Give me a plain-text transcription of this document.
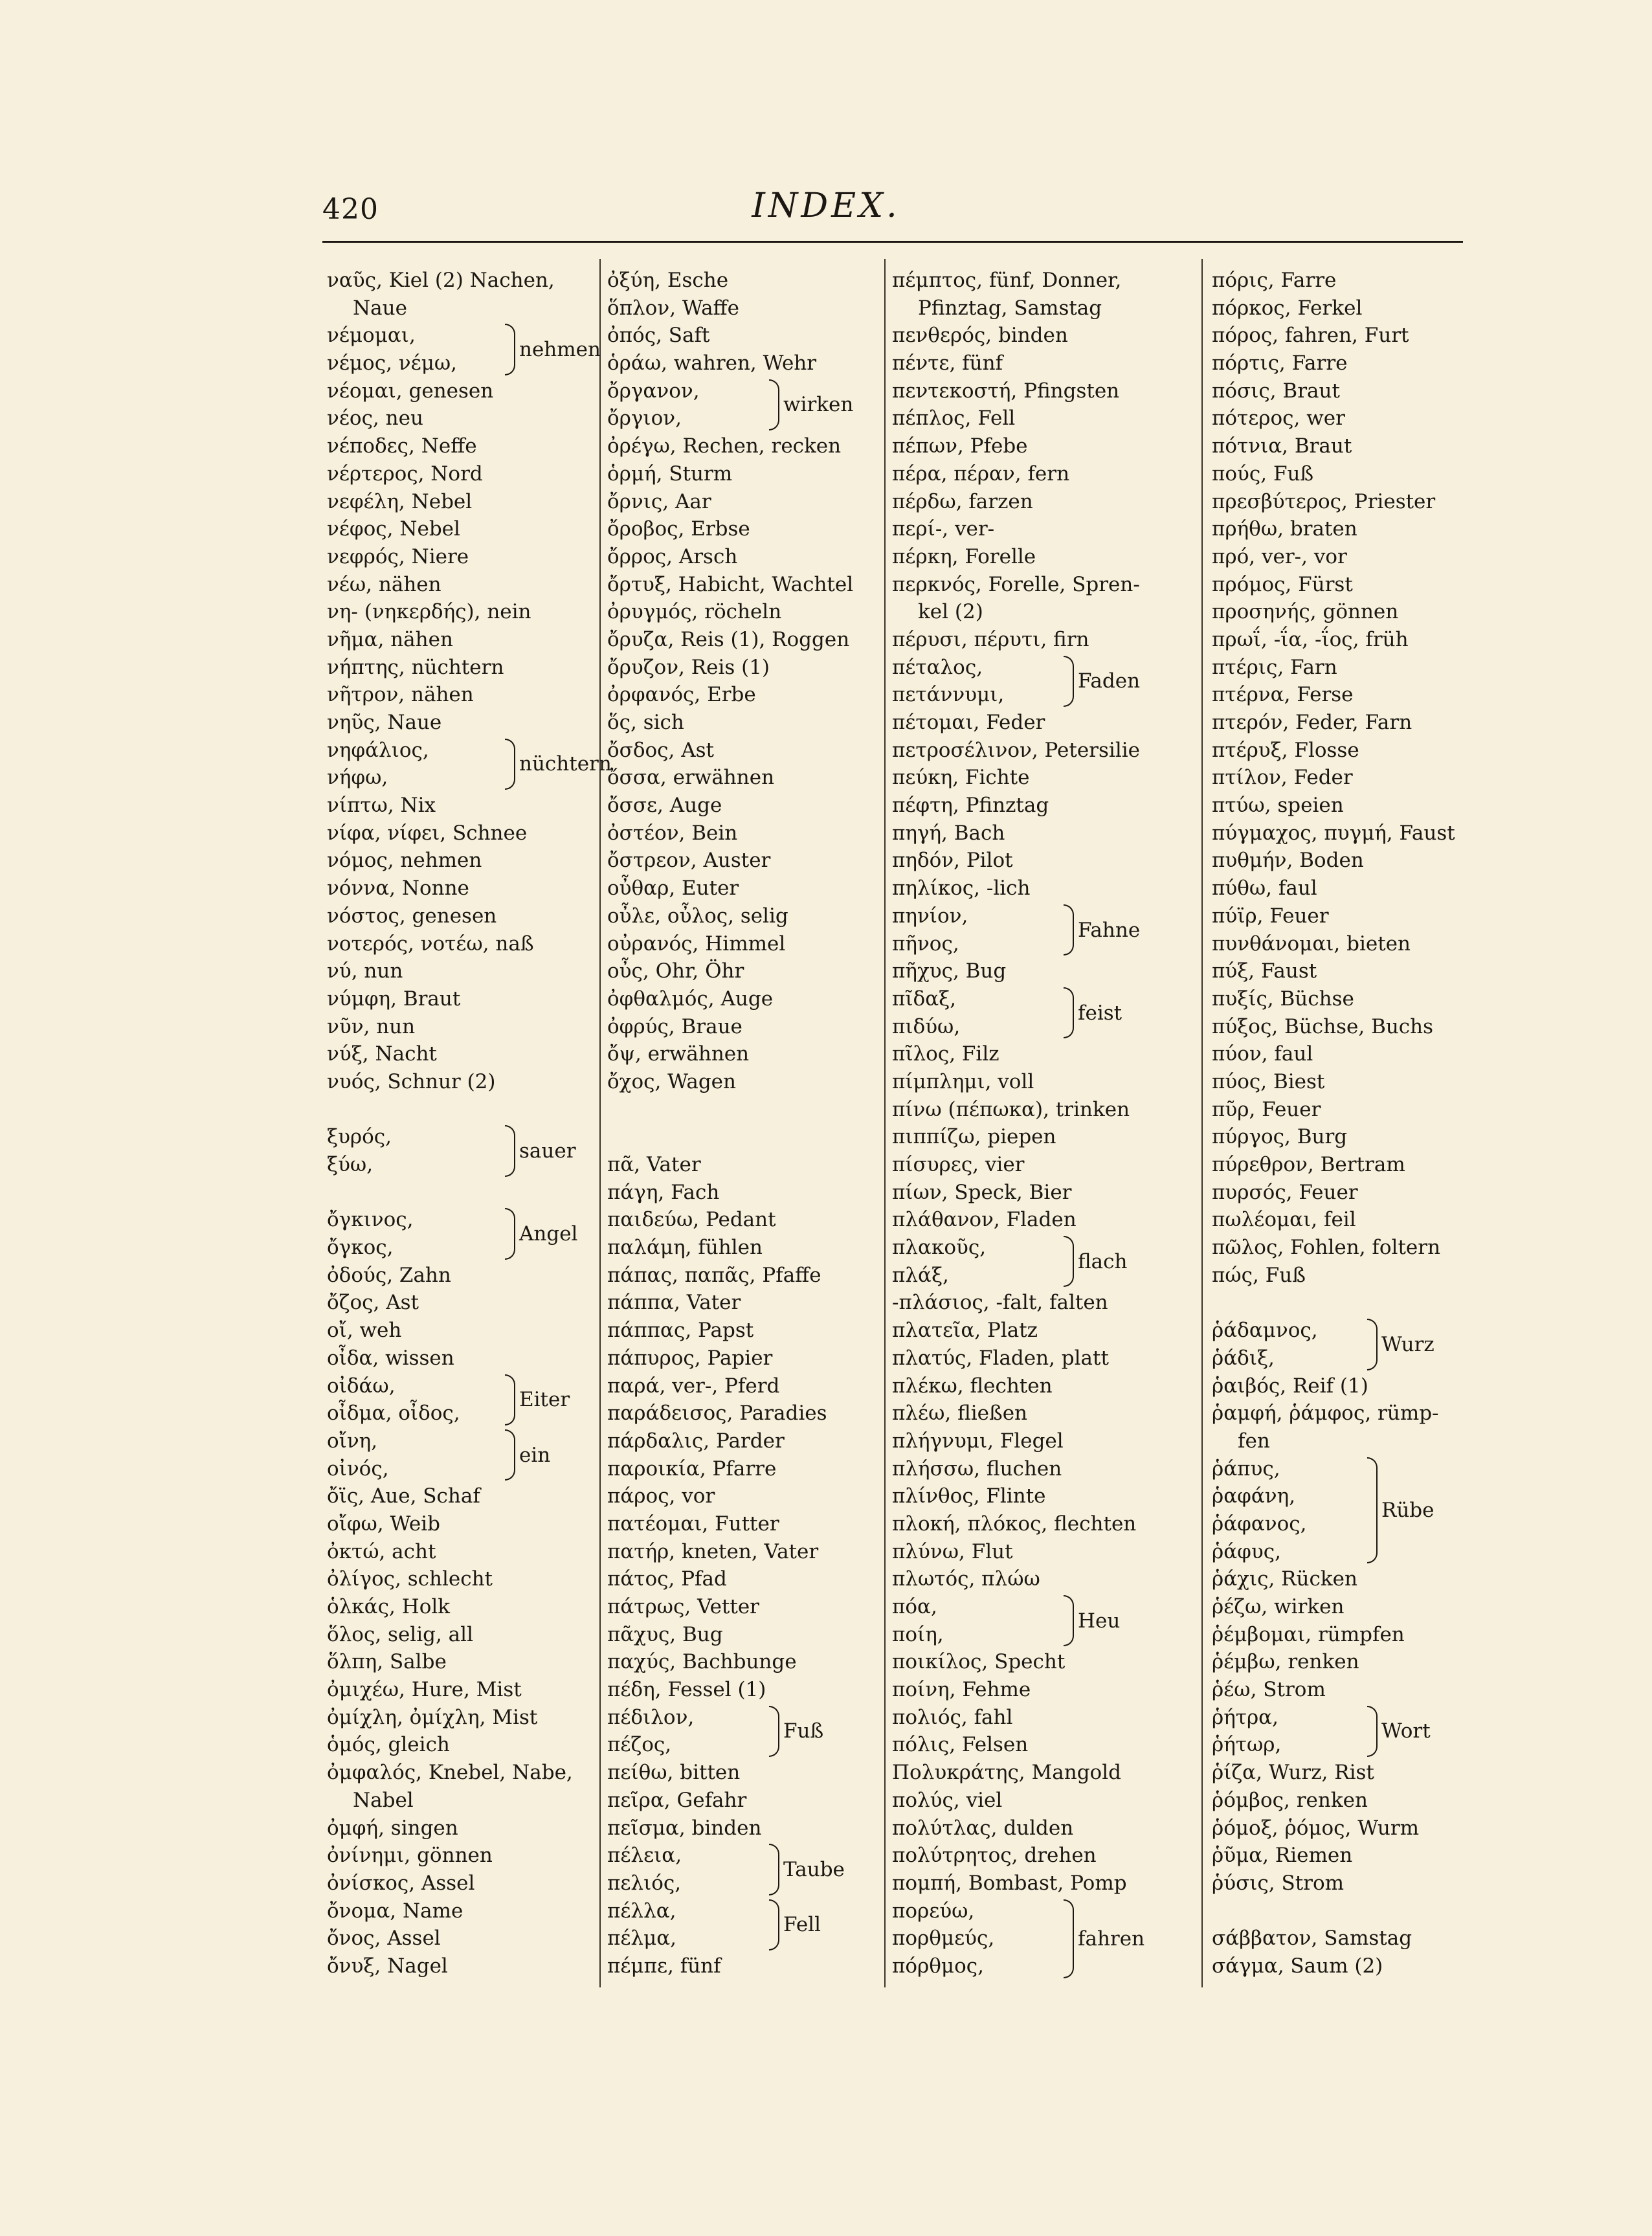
420	INDEX.
ναῦς, Kiel (2) Nachen,
Naue
νέμομαι,
νέμος, νέμω,
nehmen
νέομαι, genesen
νέος, neu
νέποδες, Neffe
νέρτερος, Nord
νεφέλη, Nebel
νέφος, Nebel
νεφρός, Niere
νέω, nähen
νη- (νηκερδής), nein
νῆμα, nähen
νήπτης, nüchtern
νῆτρον, nähen
νηῦς, Naue
νηφάλιος,
νήφω,
nüchtern
νίπτω, Nix
νίφα, νίφει, Schnee
νόμος, nehmen
νόννα, Nonne
νόστος, genesen
νοτερός, νοτέω, naß
νύ, nun
νύμφη, Braut
νῦν, nun
νύξ, Nacht
νυός, Schnur (2)
ξυρός,
ξύω,
sauer
ὄγκινος,
ὄγκος,
Angel
ὀδούς, Zahn
ὄζος, Ast
οἴ, weh
οἶδα, wissen
οἰδάω,
οἶδμα, οἶδος,
Eiter
οἴνη,
οἰνός,
ein
ὄϊς, Aue, Schaf
οἴφω, Weib
ὀκτώ, acht
ὀλίγος, schlecht
ὁλκάς, Holk
ὅλος, selig, all
ὅλπη, Salbe
ὀμιχέω, Hure, Mist
ὀμίχλη, ὀμίχλη, Mist
ὁμός, gleich
ὀμφαλός, Knebel, Nabe,
Nabel
ὀμφή, singen
ὀνίνημι, gönnen
ὀνίσκος, Assel
ὄνομα, Name
ὄνος, Assel
ὄνυξ, Nagel
ὀξύη, Esche
ὅπλον, Waffe
ὀπός, Saft
ὁράω, wahren, Wehr
ὄργανον,
ὄργιον,
wirken
ὀρέγω, Rechen, recken
ὁρμή, Sturm
ὄρνις, Aar
ὄροβος, Erbse
ὄρρος, Arsch
ὄρτυξ, Habicht, Wachtel
ὀρυγμός, röcheln
ὄρυζα, Reis (1), Roggen
ὄρυζον, Reis (1)
ὀρφανός, Erbe
ὅς, sich
ὄσδος, Ast
ὄσσα, erwähnen
ὄσσε, Auge
ὀστέον, Bein
ὄστρεον, Auster
οὖθαρ, Euter
οὖλε, οὖλος, selig
οὐρανός, Himmel
οὖς, Ohr, Öhr
ὀφθαλμός, Auge
ὀφρύς, Braue
ὄψ, erwähnen
ὄχος, Wagen
πᾶ, Vater
πάγη, Fach
παιδεύω, Pedant
παλάμη, fühlen
πάπας, παπᾶς, Pfaffe
πάππα, Vater
πάππας, Papst
πάπυρος, Papier
παρά, ver-, Pferd
παράδεισος, Paradies
πάρδαλις, Parder
παροικία, Pfarre
πάρος, vor
πατέομαι, Futter
πατήρ, kneten, Vater
πάτος, Pfad
πάτρως, Vetter
πᾶχυς, Bug
παχύς, Bachbunge
πέδη, Fessel (1)
πέδιλον,
πέζος,
Fuß
πείθω, bitten
πεῖρα, Gefahr
πεῖσμα, binden
πέλεια,
πελιός,
Taube
πέλλα,
πέλμα,
Fell
πέμπε, fünf
πέμπτος, fünf, Donner,
Pfinztag, Samstag
πενθερός, binden
πέντε, fünf
πεντεκοστή, Pfingsten
πέπλος, Fell
πέπων, Pfebe
πέρα, πέραν, fern
πέρδω, farzen
περί-, ver-
πέρκη, Forelle
περκνός, Forelle, Spren-
kel (2)
πέρυσι, πέρυτι, firn
πέταλος,
πετάννυμι,
Faden
πέτομαι, Feder
πετροσέλινον, Petersilie
πεύκη, Fichte
πέφτη, Pfinztag
πηγή, Bach
πηδόν, Pilot
πηλίκος, -lich
πηνίον,
πῆνος,
Fahne
πῆχυς, Bug
πῖδαξ,
πιδύω,
feist
πῖλος, Filz
πίμπλημι, voll
πίνω (πέπωκα), trinken
πιππίζω, piepen
πίσυρες, vier
πίων, Speck, Bier
πλάθανον, Fladen
πλακοῦς,
πλάξ,
flach
-πλάσιος, -falt, falten
πλατεῖα, Platz
πλατύς, Fladen, platt
πλέκω, flechten
πλέω, fließen
πλήγνυμι, Flegel
πλήσσω, fluchen
πλίνθος, Flinte
πλοκή, πλόκος, flechten
πλύνω, Flut
πλωτός, πλώω
πόα,
ποίη,
Heu
ποικίλος, Specht
ποίνη, Fehme
πολιός, fahl
πόλις, Felsen
Πολυκράτης, Mangold
πολύς, viel
πολύτλας, dulden
πολύτρητος, drehen
πομπή, Bombast, Pomp
πορεύω,
πορθμεύς,
πόρθμος,
fahren
πόρις, Farre
πόρκος, Ferkel
πόρος, fahren, Furt
πόρτις, Farre
πόσις, Braut
πότερος, wer
πότνια, Braut
πούς, Fuß
πρεσβύτερος, Priester
πρήθω, braten
πρό, ver-, vor
πρόμος, Fürst
προσηνής, gönnen
πρωΐ, -ΐα, -ΐος, früh
πτέρις, Farn
πτέρνα, Ferse
πτερόν, Feder, Farn
πτέρυξ, Flosse
πτίλον, Feder
πτύω, speien
πύγμαχος, πυγμή, Faust
πυθμήν, Boden
πύθω, faul
πύϊρ, Feuer
πυνθάνομαι, bieten
πύξ, Faust
πυξίς, Büchse
πύξος, Büchse, Buchs
πύον, faul
πύος, Biest
πῦρ, Feuer
πύργος, Burg
πύρεθρον, Bertram
πυρσός, Feuer
πωλέομαι, feil
πῶλος, Fohlen, foltern
πώς, Fuß
ῥάδαμνος,
ῥάδιξ,
Wurz
ῥαιβός, Reif (1)
ῥαμφή, ῥάμφος, rümp-
fen
ῥάπυς,
ῥαφάνη,
ῥάφανος,
ῥάφυς,
Rübe
ῥάχις, Rücken
ῥέζω, wirken
ῥέμβομαι, rümpfen
ῥέμβω, renken
ῥέω, Strom
ῥήτρα,
ῥήτωρ,
Wort
ῥίζα, Wurz, Rist
ῥόμβος, renken
ῥόμοξ, ῥόμος, Wurm
ῥῦμα, Riemen
ῥύσις, Strom
σάββατον, Samstag
σάγμα, Saum (2)
